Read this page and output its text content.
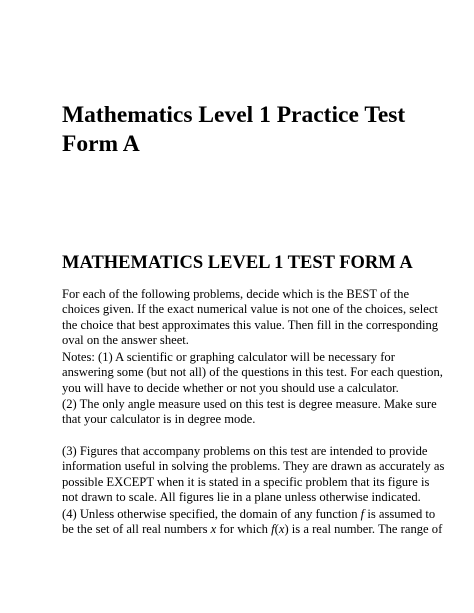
Mathematics Level 1 Practice Test
Form A
MATHEMATICS LEVEL 1 TEST FORM A

For each of the following problems, decide which is the BEST of the
choices given. If the exact numerical value is not one of the choices, select
the choice that best approximates this value. Then fill in the corresponding
oval on the answer sheet.

Notes: (1) A scientific or graphing calculator will be necessary for
answering some (but not all) of the questions in this test. For each question,
you will have to decide whether or not you should use a calculator.

(2) The only angle measure used on this test is degree measure. Make sure
that your calculator is in degree mode.

(3) Figures that accompany problems on this test are intended to provide
information useful in solving the problems. They are drawn as accurately as
possible EXCEPT when it is stated in a specific problem that its figure is
not drawn to scale. All figures lie in a plane unless otherwise indicated.

(4) Unless otherwise specified, the domain of any function f is assumed to
be the set of all real numbers x for which f(x) is a real number. The range of
